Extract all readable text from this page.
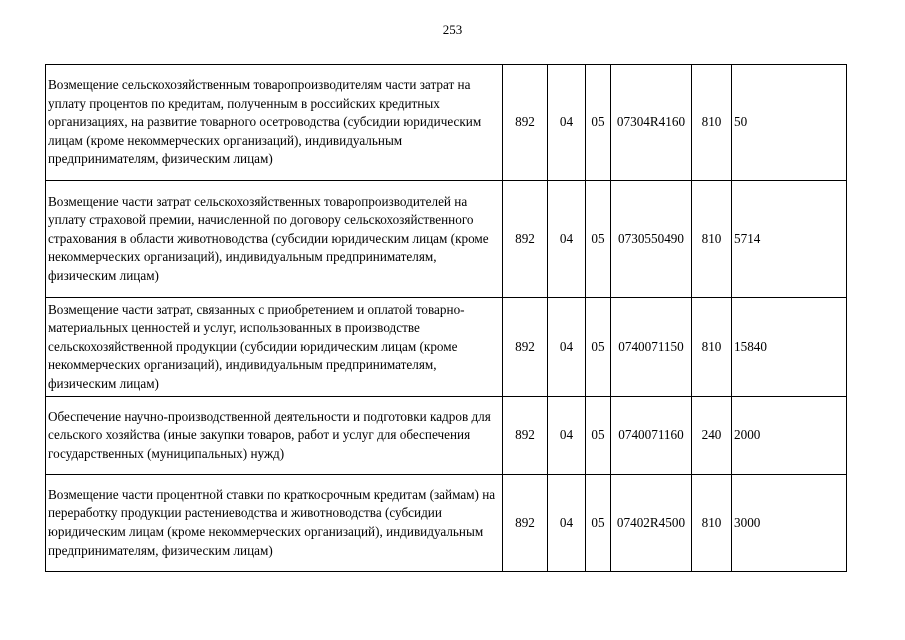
253
Возмещение сельскохозяйственным товаропроизводителям части затрат на уплату процентов по кредитам, полученным в российских кредитных организациях, на развитие товарного осетроводства (субсидии юридическим лицам (кроме некоммерческих организаций), индивидуальным предпринимателям, физическим лицам)	892	04	05	07304R4160	810	50
Возмещение части затрат сельскохозяйственных товаропроизводителей на уплату страховой премии, начисленной по договору сельскохозяйственного страхования в области животноводства (субсидии юридическим лицам (кроме некоммерческих организаций), индивидуальным предпринимателям, физическим лицам)	892	04	05	0730550490	810	5714
Возмещение части затрат, связанных с приобретением и оплатой товарно-материальных ценностей и услуг, использованных в производстве сельскохозяйственной продукции (субсидии юридическим лицам (кроме некоммерческих организаций), индивидуальным предпринимателям, физическим лицам)	892	04	05	0740071150	810	15840
Обеспечение научно-производственной деятельности и подготовки кадров для сельского хозяйства (иные закупки товаров, работ и услуг для обеспечения государственных (муниципальных) нужд)	892	04	05	0740071160	240	2000
Возмещение части процентной ставки по краткосрочным кредитам (займам) на переработку продукции растениеводства и животноводства (субсидии юридическим лицам (кроме некоммерческих организаций), индивидуальным предпринимателям, физическим лицам)	892	04	05	07402R4500	810	3000
